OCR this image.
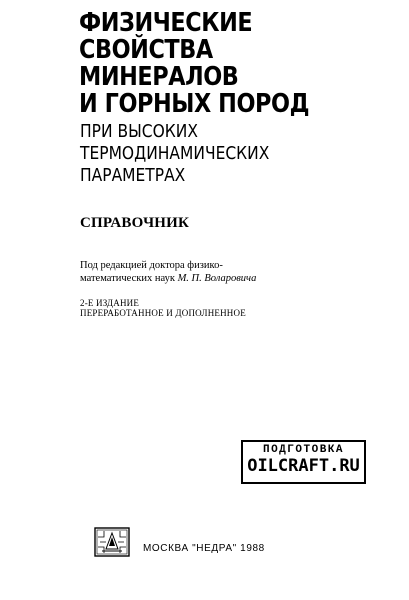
ФИЗИЧЕСКИЕ
СВОЙСТВА
МИНЕРАЛОВ
И ГОРНЫХ ПОРОД
ПРИ ВЫСОКИХ
ТЕРМОДИНАМИЧЕСКИХ
ПАРАМЕТРАХ
СПРАВОЧНИК
Под редакцией доктора физико-
математических наук М. П. Воларовича
2-Е ИЗДАНИЕ
ПЕРЕРАБОТАННОЕ И ДОПОЛНЕННОЕ
ПОДГОТОВКА
OILCRAFT.RU
МОСКВА "НЕДРА" 1988
